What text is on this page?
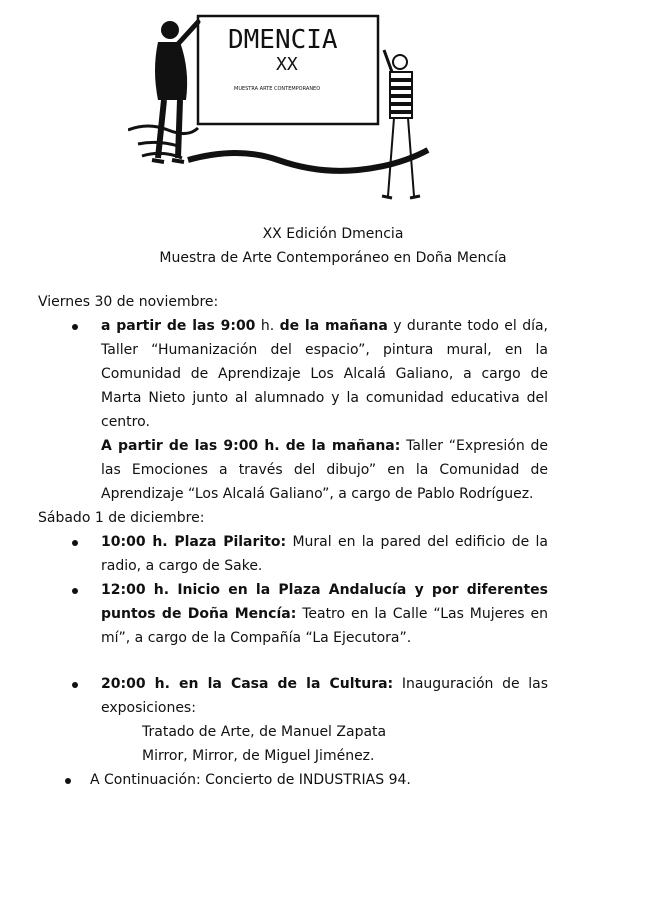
DMENCIA
XX
MUESTRA ARTE CONTEMPORANEO
XX Edición Dmencia
Muestra de Arte Contemporáneo en Doña Mencía
Viernes 30 de noviembre:
a partir de las 9:00 h. de la mañana y durante todo el día, Taller “Humanización del espacio”, pintura mural, en la Comunidad de Aprendizaje Los Alcalá Galiano, a cargo de Marta Nieto junto al alumnado y la comunidad educativa del centro.
A partir de las 9:00 h. de la mañana: Taller “Expresión de las Emociones a través del dibujo” en la Comunidad de Aprendizaje “Los Alcalá Galiano”, a cargo de Pablo Rodríguez.
Sábado 1 de diciembre:
10:00 h. Plaza Pilarito: Mural en la pared del edificio de la radio, a cargo de Sake.
12:00 h. Inicio en la Plaza Andalucía y por diferentes puntos de Doña Mencía: Teatro en la Calle “Las Mujeres en mí”, a cargo de la Compañía “La Ejecutora”.
20:00 h. en la Casa de la Cultura: Inauguración de las exposiciones:
Tratado de Arte, de Manuel Zapata
Mirror, Mirror, de Miguel Jiménez.
A Continuación: Concierto de INDUSTRIAS 94.
